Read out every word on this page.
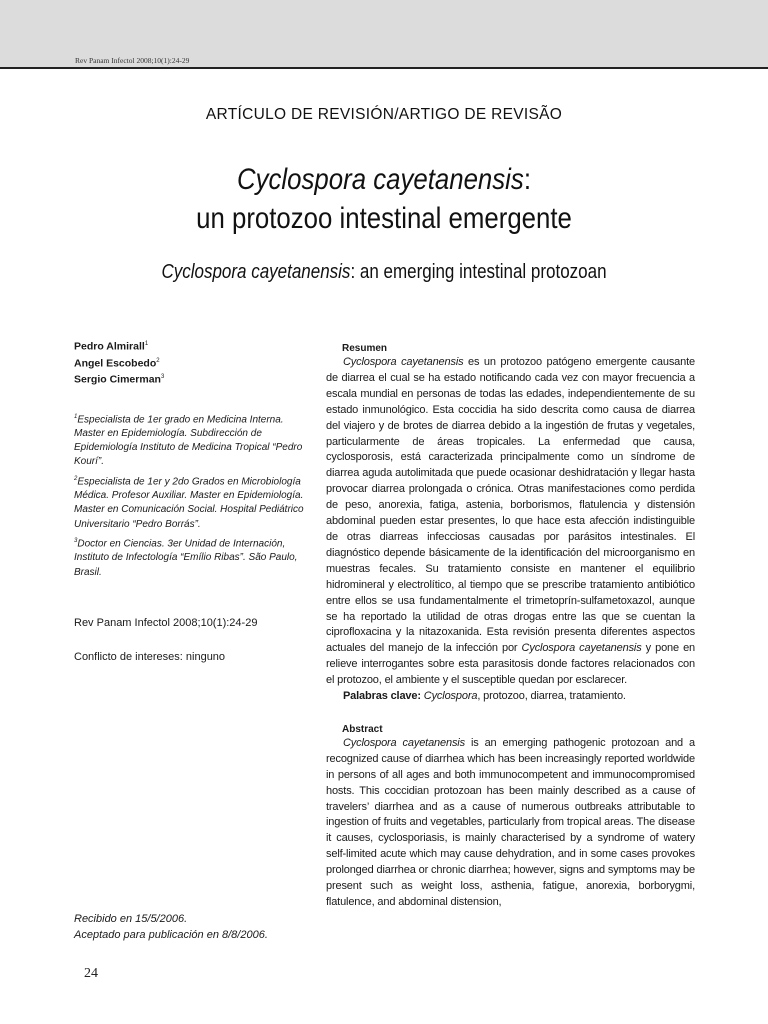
Rev Panam Infectol 2008;10(1):24-29
ARTÍCULO DE REVISIÓN/ARTIGO DE REVISÃO
Cyclospora cayetanensis:
un protozoo intestinal emergente
Cyclospora cayetanensis: an emerging intestinal protozoan
Pedro Almirall$^1$
Angel Escobedo$^2$
Sergio Cimerman$^3$

$^1$Especialista de 1er grado en Medicina Interna. Master en Epidemiología. Subdirección de Epidemiología Instituto de Medicina Tropical “Pedro Kourí”.

$^2$Especialista de 1er y 2do Grados en Microbiología Médica. Profesor Auxiliar. Master en Epidemiología. Master en Comunicación Social. Hospital Pediátrico Universitario “Pedro Borrás”.

$^3$Doctor en Ciencias. 3er Unidad de Internación, Instituto de Infectología “Emílio Ribas”. São Paulo, Brasil.

Rev Panam Infectol 2008;10(1):24-29
Conflicto de intereses: ninguno
Recibido en 15/5/2006.
Aceptado para publicación en 8/8/2006.
Resumen

Cyclospora cayetanensis es un protozoo patógeno emergente causante de diarrea el cual se ha estado notificando cada vez con mayor frecuencia a escala mundial en personas de todas las edades, independientemente de su estado inmunológico. Esta coccidia ha sido descrita como causa de diarrea del viajero y de brotes de diarrea debido a la ingestión de frutas y vegetales, particularmente de áreas tropicales. La enfermedad que causa, cyclosporosis, está caracterizada principalmente como un síndrome de diarrea aguda autolimitada que puede ocasionar deshidratación y llegar hasta provocar diarrea prolongada o crónica. Otras manifestaciones como perdida de peso, anorexia, fatiga, astenia, borborismos, flatulencia y distensión abdominal pueden estar presentes, lo que hace esta afección indistinguible de otras diarreas infecciosas causadas por parásitos intestinales. El diagnóstico depende básicamente de la identificación del microorganismo en muestras fecales. Su tratamiento consiste en mantener el equilibrio hidromineral y electrolítico, al tiempo que se prescribe tratamiento antibiótico entre ellos se usa fundamentalmente el trimetoprín-sulfametoxazol, aunque se ha reportado la utilidad de otras drogas entre las que se cuentan la ciprofloxacina y la nitazoxanida. Esta revisión presenta diferentes aspectos actuales del manejo de la infección por Cyclospora cayetanensis y pone en relieve interrogantes sobre esta parasitosis donde factores relacionados con el protozoo, el ambiente y el susceptible quedan por esclarecer.

Palabras clave: Cyclospora, protozoo, diarrea, tratamiento.
Abstract

Cyclospora cayetanensis is an emerging pathogenic protozoan and a recognized cause of diarrhea which has been increasingly reported worldwide in persons of all ages and both immunocompetent and immunocompromised hosts. This coccidian protozoan has been mainly described as a cause of travelers’ diarrhea and as a cause of numerous outbreaks attributable to ingestion of fruits and vegetables, particularly from tropical areas. The disease it causes, cyclosporiasis, is mainly characterised by a syndrome of watery self-limited acute which may cause dehydration, and in some cases provokes prolonged diarrhea or chronic diarrhea; however, signs and symptoms may be present such as weight loss, asthenia, fatigue, anorexia, borborygmi, flatulence, and abdominal distension,

24
